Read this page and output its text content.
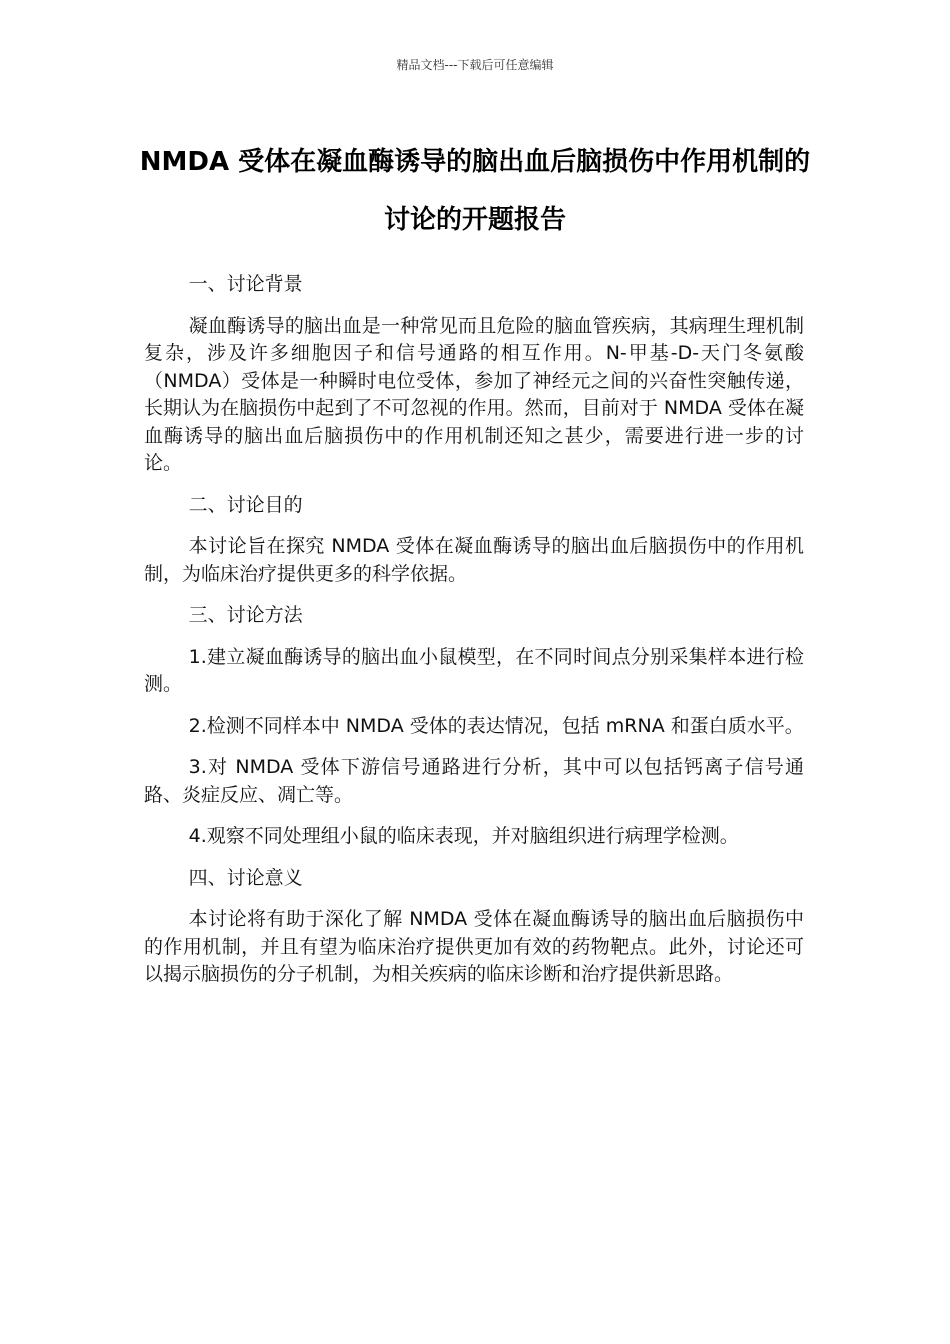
精品文档---下载后可任意编辑
NMDA 受体在凝血酶诱导的脑出血后脑损伤中作用机制的讨论的开题报告
一、讨论背景

凝血酶诱导的脑出血是一种常见而且危险的脑血管疾病，其病理生理机制复杂，涉及许多细胞因子和信号通路的相互作用。N-甲基-D-天门冬氨酸（NMDA）受体是一种瞬时电位受体，参加了神经元之间的兴奋性突触传递，长期认为在脑损伤中起到了不可忽视的作用。然而，目前对于 NMDA 受体在凝血酶诱导的脑出血后脑损伤中的作用机制还知之甚少，需要进行进一步的讨论。

二、讨论目的

本讨论旨在探究 NMDA 受体在凝血酶诱导的脑出血后脑损伤中的作用机制，为临床治疗提供更多的科学依据。

三、讨论方法

1.建立凝血酶诱导的脑出血小鼠模型，在不同时间点分别采集样本进行检测。

2.检测不同样本中 NMDA 受体的表达情况，包括 mRNA 和蛋白质水平。

3.对 NMDA 受体下游信号通路进行分析，其中可以包括钙离子信号通路、炎症反应、凋亡等。

4.观察不同处理组小鼠的临床表现，并对脑组织进行病理学检测。

四、讨论意义

本讨论将有助于深化了解 NMDA 受体在凝血酶诱导的脑出血后脑损伤中的作用机制，并且有望为临床治疗提供更加有效的药物靶点。此外，讨论还可以揭示脑损伤的分子机制，为相关疾病的临床诊断和治疗提供新思路。
